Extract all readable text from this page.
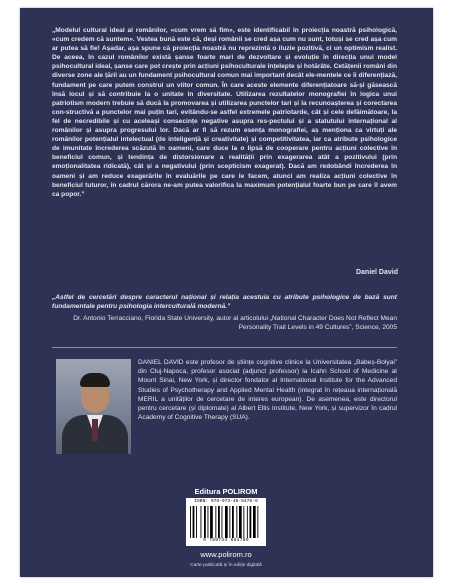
„Modelul cultural ideal al românilor, «cum vrem să fim», este identificabil în proiecția noastră psihologică, «cum credem că suntem». Vestea bună este că, deși românii se cred așa cum nu sunt, totuși se cred așa cum ar putea să fie! Așadar, așa spune că proiecția noastră nu reprezintă o iluzie pozitivă, ci un optimism realist. De aceea, în cazul românilor există șanse foarte mari de dezvoltare și evoluție în direcția unui model psihocultural ideal, șanse care pot crește prin acțiuni psihoculturale înțelepte și hotărâte. Cetățenii români din diverse zone ale țării au un fundament psihocultural comun mai important decât ele-mentele ce îi diferențiază, fundament pe care putem construi un viitor comun. În care aceste elemente diferențiatoare să-și găsească însă locul și să contribuie la o unitate în diversitate. Utilizarea rezultatelor monografiei în logica unui patriotism modern trebuie să ducă la promovarea și utilizarea punctelor tari și la recunoașterea și corectarea con-structivă a punctelor mai puțin tari, evitându-se astfel extremele patriotarde, cât și cele defăimătoare, la fel de necredibile și cu aceleași consecințe negative asupra res-pectului și a statutului internațional al românilor și asupra progresului lor. Dacă ar fi să rezum esența monografiei, aș menționa ca virtuți ale românilor potențialul intelectual (de inteligență și creativitate) și competitivitatea, iar ca atribute psihologice de imunitate încrederea scăzută în oameni, care duce la o lipsă de cooperare pentru acțiuni colective în beneficiul comun, și tendința de distorsionare a realității prin exagerarea atât a pozitivului (prin emoționalitatea ridicată), cât și a negativului (prin scepticism exagerat). Dacă am redobândi încrederea în oameni și am reduce exagerările în evaluările pe care le facem, atunci am realiza acțiuni colective în beneficiul tuturor, în cadrul cărora ne-am putea valorifica la maximum potențialul foarte bun pe care îl avem ca popor.”
Daniel David
„Astfel de cercetări despre caracterul național și relația acestuia cu atribute psihologice de bază sunt fundamentale pentru psihologia interculturală modernă.”
Dr. Antonio Terracciano, Florida State University, autor al articolului „National Character Does Not Reflect Mean Personality Trait Levels in 49 Cultures”, Science, 2005
DANIEL DAVID este profesor de științe cognitive clinice la Universitatea „Babeș-Bolyai” din Cluj-Napoca, profesor asociat (adjunct professor) la Icahn School of Medicine at Mount Sinai, New York, și director fondator al International Institute for the Advanced Studies of Psychotherapy and Applied Mental Health (integrat în rețeaua internațională MERIL a unităților de cercetare de interes european). De asemenea, este directorul pentru cercetare (și diplomate) al Albert Ellis Institute, New York, și supervizor în cadrul Academy of Cognitive Therapy (SUA).
Editura POLIROM
ISBN: 978-973-46-5478-9
9 789734 654789
www.polirom.ro
Carte publicată și în ediție digitală
